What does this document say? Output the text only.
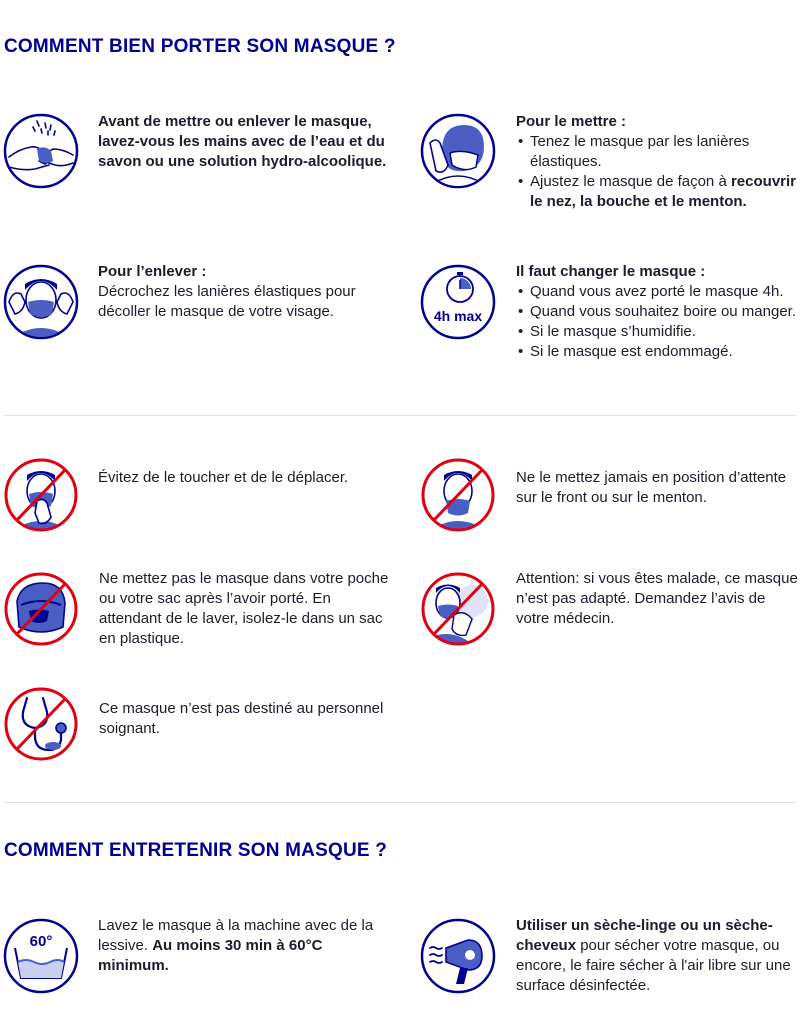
COMMENT BIEN PORTER SON MASQUE ?
Avant de mettre ou enlever le masque, lavez-vous les mains avec de l’eau et du savon ou une solution hydro-alcoolique.

Pour le mettre :

• Tenez le masque par les lanières élastiques.
• Ajustez le masque de façon à recouvrir le nez, la bouche et le menton.

Pour l’enlever :

Décrochez les lanières élastiques pour décoller le masque de votre visage.	4h max

Il faut changer le masque :

• Quand vous avez porté le masque 4h.
• Quand vous souhaitez boire ou manger.
• Si le masque s’humidifie.
• Si le masque est endommagé.
Évitez de le toucher et de le déplacer.	Ne le mettez jamais en position d’attente sur le front ou sur le menton.
Ne mettez pas le masque dans votre poche ou votre sac après l’avoir porté. En attendant de le laver, isolez-le dans un sac en plastique.
Attention: si vous êtes malade, ce masque n’est pas adapté. Demandez l’avis de votre médecin.
Ce masque n’est pas destiné au personnel soignant.
COMMENT ENTRETENIR SON MASQUE ?
60°
Lavez le masque à la machine avec de la lessive. Au moins 30 min à 60°C minimum.
Utiliser un sèche-linge ou un sèche-cheveux pour sécher votre masque, ou encore, le faire sécher à l'air libre sur une surface désinfectée.
